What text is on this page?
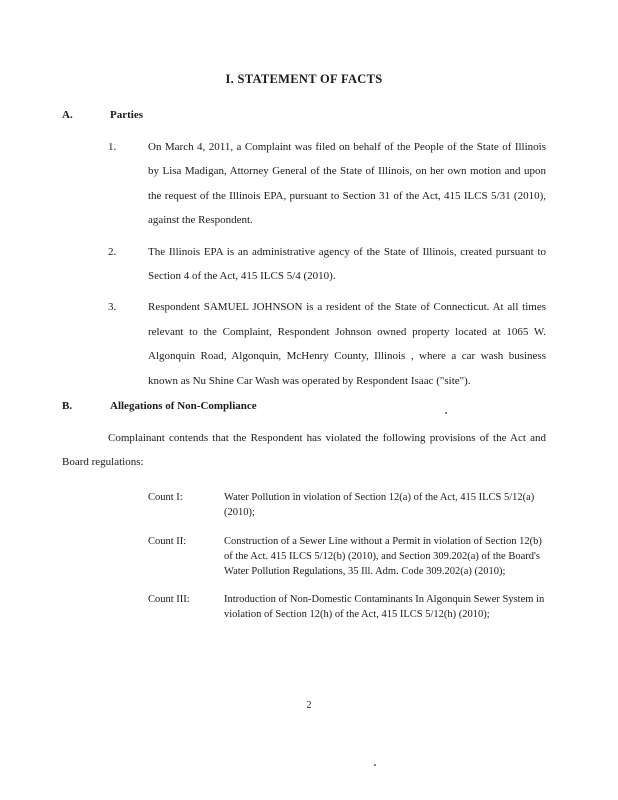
I. STATEMENT OF FACTS
A.	Parties
1.	On March 4, 2011, a Complaint was filed on behalf of the People of the State of Illinois by Lisa Madigan, Attorney General of the State of Illinois, on her own motion and upon the request of the Illinois EPA, pursuant to Section 31 of the Act, 415 ILCS 5/31 (2010), against the Respondent.
2.	The Illinois EPA is an administrative agency of the State of Illinois, created pursuant to Section 4 of the Act, 415 ILCS 5/4 (2010).
3.	Respondent SAMUEL JOHNSON is a resident of the State of Connecticut. At all times relevant to the Complaint, Respondent Johnson owned property located at 1065 W. Algonquin Road, Algonquin, McHenry County, Illinois , where a car wash business known as Nu Shine Car Wash was operated by Respondent Isaac ("site").
B.	Allegations of Non-Compliance
Complainant contends that the Respondent has violated the following provisions of the Act and Board regulations:
Count I:	Water Pollution in violation of Section 12(a) of the Act, 415 ILCS 5/12(a) (2010);
Count II:	Construction of a Sewer Line without a Permit in violation of Section 12(b) of the Act. 415 ILCS 5/12(b) (2010), and Section 309.202(a) of the Board's Water Pollution Regulations, 35 Ill. Adm. Code 309.202(a) (2010);
Count III:	Introduction of Non-Domestic Contaminants In Algonquin Sewer System in violation of Section 12(h) of the Act, 415 ILCS 5/12(h) (2010);
2
